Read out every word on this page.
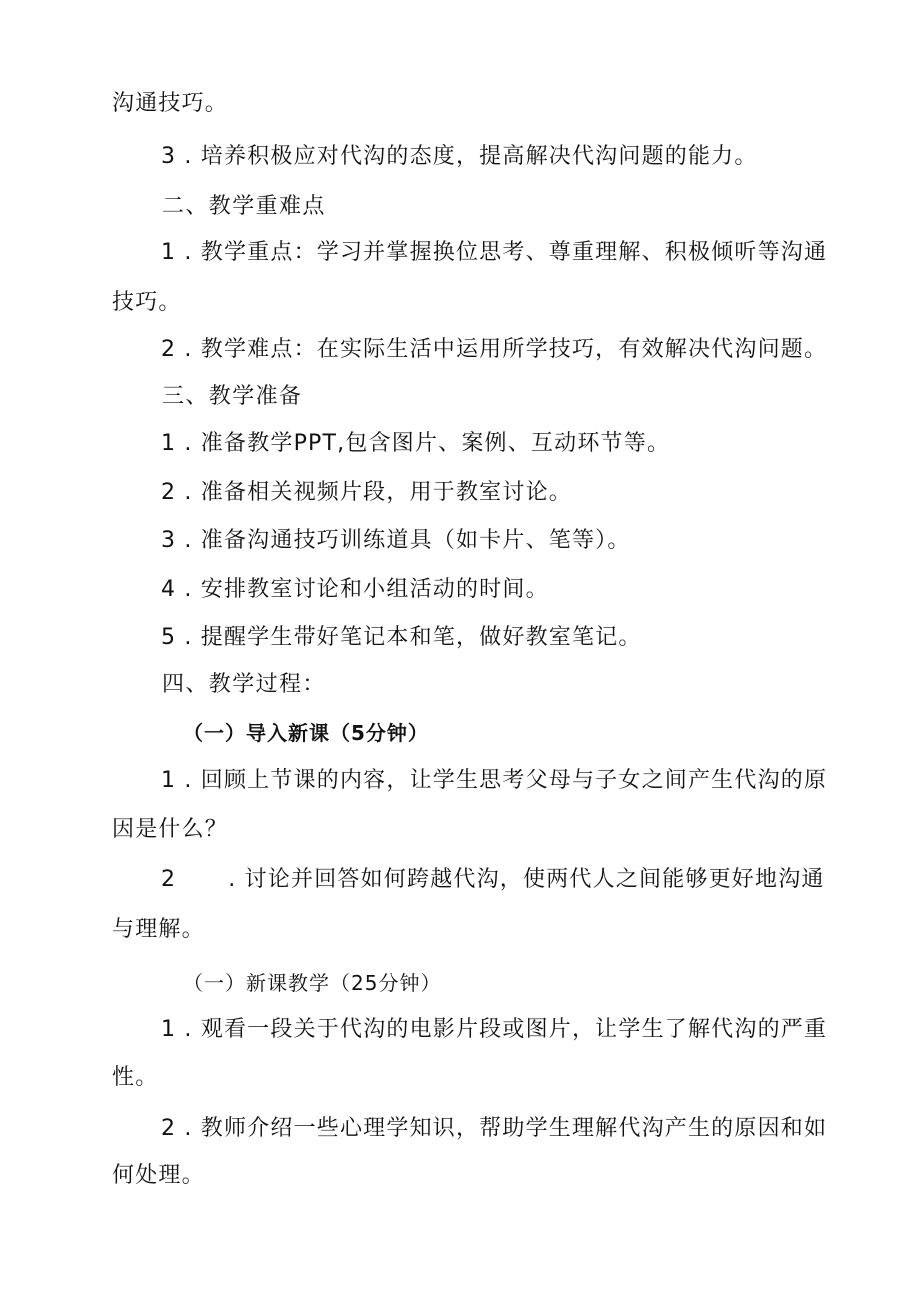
沟通技巧。
3 . 培养积极应对代沟的态度，提高解决代沟问题的能力。
二、教学重难点
1 . 教学重点：学习并掌握换位思考、尊重理解、积极倾听等沟通
技巧。
2 . 教学难点：在实际生活中运用所学技巧，有效解决代沟问题。
三、教学准备
1 . 准备教学PPT,包含图片、案例、互动环节等。
2 . 准备相关视频片段，用于教室讨论。
3 . 准备沟通技巧训练道具（如卡片、笔等）。
4 . 安排教室讨论和小组活动的时间。
5 . 提醒学生带好笔记本和笔，做好教室笔记。
四、教学过程：
（一）导入新课（5分钟）
1 . 回顾上节课的内容，让学生思考父母与子女之间产生代沟的原
因是什么？
2 . 讨论并回答如何跨越代沟，使两代人之间能够更好地沟通
与理解。
（一）新课教学（25分钟）
1 . 观看一段关于代沟的电影片段或图片，让学生了解代沟的严重
性。
2 . 教师介绍一些心理学知识，帮助学生理解代沟产生的原因和如
何处理。
